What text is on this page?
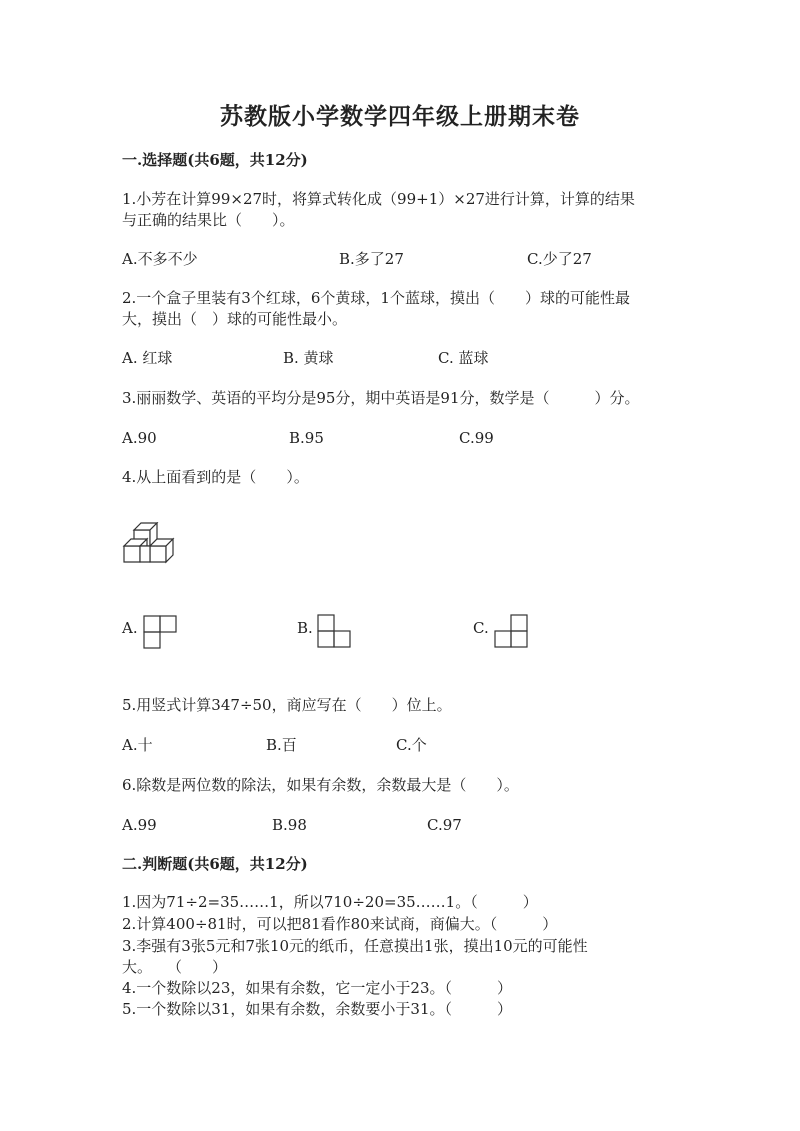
苏教版小学数学四年级上册期末卷
一.选择题(共6题，共12分)
1.小芳在计算99×27时，将算式转化成（99+1）×27进行计算，计算的结果
与正确的结果比（　　）。
A.不多不少	B.多了27	C.少了27
2.一个盒子里装有3个红球，6个黄球，1个蓝球，摸出（　　）球的可能性最
大，摸出（　）球的可能性最小。
A. 红球	B. 黄球	C. 蓝球
3.丽丽数学、英语的平均分是95分，期中英语是91分，数学是（　　　）分。
A.90	B.95	C.99
4.从上面看到的是（　　）。
A.	B.	C.
5.用竖式计算347÷50，商应写在（　　）位上。
A.十	B.百	C.个
6.除数是两位数的除法，如果有余数，余数最大是（　　）。
A.99	B.98	C.97
二.判断题(共6题，共12分)
1.因为71÷2=35……1，所以710÷20=35……1。（　　　）
2.计算400÷81时，可以把81看作80来试商，商偏大。（　　　）
3.李强有3张5元和7张10元的纸币，任意摸出1张，摸出10元的可能性
大。　　（　　）
4.一个数除以23，如果有余数，它一定小于23。（　　　）
5.一个数除以31，如果有余数，余数要小于31。（　　　）
